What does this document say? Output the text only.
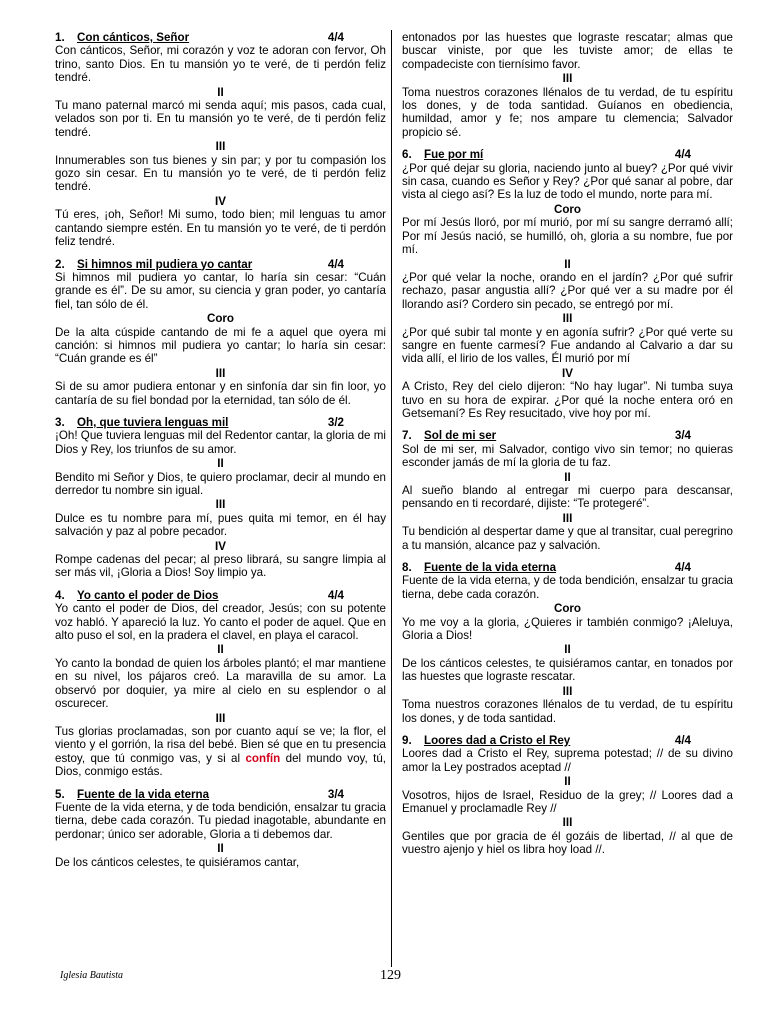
1. Con cánticos, Señor	4/4
Con cánticos, Señor, mi corazón y voz te adoran con fervor, Oh trino, santo Dios. En tu mansión yo te veré, de ti perdón feliz tendré.
II
Tu mano paternal marcó mi senda aquí; mis pasos, cada cual, velados son por ti. En tu mansión yo te veré, de ti perdón feliz tendré.
III
Innumerables son tus bienes y sin par; y por tu compasión los gozo sin cesar. En tu mansión yo te veré, de ti perdón feliz tendré.
IV
Tú eres, ¡oh, Señor! Mi sumo, todo bien; mil lenguas tu amor cantando siempre estén. En tu mansión yo te veré, de ti perdón feliz tendré.
2. Si himnos mil pudiera yo cantar	4/4
Si himnos mil pudiera yo cantar, lo haría sin cesar: “Cuán grande es él”. De su amor, su ciencia y gran poder, yo cantaría fiel, tan sólo de él.
Coro
De la alta cúspide cantando de mi fe a aquel que oyera mi canción: si himnos mil pudiera yo cantar; lo haría sin cesar: “Cuán grande es él”
III
Si de su amor pudiera entonar y en sinfonía dar sin fin loor, yo cantaría de su fiel bondad por la eternidad, tan sólo de él.
3. Oh, que tuviera lenguas mil	3/2
¡Oh! Que tuviera lenguas mil del Redentor cantar, la gloria de mi Dios y Rey, los triunfos de su amor.
II
Bendito mi Señor y Dios, te quiero proclamar, decir al mundo en derredor tu nombre sin igual.
III
Dulce es tu nombre para mí, pues quita mi temor, en él hay salvación y paz al pobre pecador.
IV
Rompe cadenas del pecar; al preso librará, su sangre limpia al ser más vil, ¡Gloria a Dios! Soy limpio ya.
4. Yo canto el poder de Dios	4/4
Yo canto el poder de Dios, del creador, Jesús; con su potente voz habló. Y apareció la luz. Yo canto el poder de aquel. Que en alto puso el sol, en la pradera el clavel, en playa el caracol.
II
Yo canto la bondad de quien los árboles plantó; el mar mantiene en su nivel, los pájaros creó. La maravilla de su amor. La observó por doquier, ya mire al cielo en su esplendor o al oscurecer.
III
Tus glorias proclamadas, son por cuanto aquí se ve; la flor, el viento y el gorrión, la risa del bebé. Bien sé que en tu presencia estoy, que tú conmigo vas, y si al confín del mundo voy, tú, Dios, conmigo estás.
5. Fuente de la vida eterna	3/4
Fuente de la vida eterna, y de toda bendición, ensalzar tu gracia tierna, debe cada corazón. Tu piedad inagotable, abundante en perdonar; único ser adorable, Gloria a ti debemos dar.
II
De los cánticos celestes, te quisiéramos cantar,
entonados por las huestes que lograste rescatar; almas que buscar viniste, por que les tuviste amor; de ellas te compadeciste con tiernísimo favor.
III
Toma nuestros corazones llénalos de tu verdad, de tu espíritu los dones, y de toda santidad. Guíanos en obediencia, humildad, amor y fe; nos ampare tu clemencia; Salvador propicio sé.
6. Fue por mí	4/4
¿Por qué dejar su gloria, naciendo junto al buey? ¿Por qué vivir sin casa, cuando es Señor y Rey? ¿Por qué sanar al pobre, dar vista al ciego así? Es la luz de todo el mundo, norte para mí.
Coro
Por mí Jesús lloró, por mí murió, por mí su sangre derramó allí; Por mí Jesús nació, se humilló, oh, gloria a su nombre, fue por mí.
II
¿Por qué velar la noche, orando en el jardín? ¿Por qué sufrir rechazo, pasar angustia allí? ¿Por qué ver a su madre por él llorando así? Cordero sin pecado, se entregó por mí.
III
¿Por qué subir tal monte y en agonía sufrir? ¿Por qué verte su sangre en fuente carmesí? Fue andando al Calvario a dar su vida allí, el lirio de los valles, Él murió por mí
IV
A Cristo, Rey del cielo dijeron: “No hay lugar”. Ni tumba suya tuvo en su hora de expirar. ¿Por qué la noche entera oró en Getsemaní? Es Rey resucitado, vive hoy por mí.
7. Sol de mi ser	3/4
Sol de mi ser, mi Salvador, contigo vivo sin temor; no quieras esconder jamás de mí la gloria de tu faz.
II
Al sueño blando al entregar mi cuerpo para descansar, pensando en ti recordaré, dijiste: “Te protegeré”.
III
Tu bendición al despertar dame y que al transitar, cual peregrino a tu mansión, alcance paz y salvación.
8. Fuente de la vida eterna	4/4
Fuente de la vida eterna, y de toda bendición, ensalzar tu gracia tierna, debe cada corazón.
Coro
Yo me voy a la gloria, ¿Quieres ir también conmigo? ¡Aleluya, Gloria a Dios!
II
De los cánticos celestes, te quisiéramos cantar, en tonados por las huestes que lograste rescatar.
III
Toma nuestros corazones llénalos de tu verdad, de tu espíritu los dones, y de toda santidad.
9. Loores dad a Cristo el Rey	4/4
Loores dad a Cristo el Rey, suprema potestad; // de su divino amor la Ley postrados aceptad //
II
Vosotros, hijos de Israel, Residuo de la grey; // Loores dad a Emanuel y proclamadle Rey //
III
Gentiles que por gracia de él gozáis de libertad, // al que de vuestro ajenjo y hiel os libra hoy load //.
Iglesia Bautista	129
